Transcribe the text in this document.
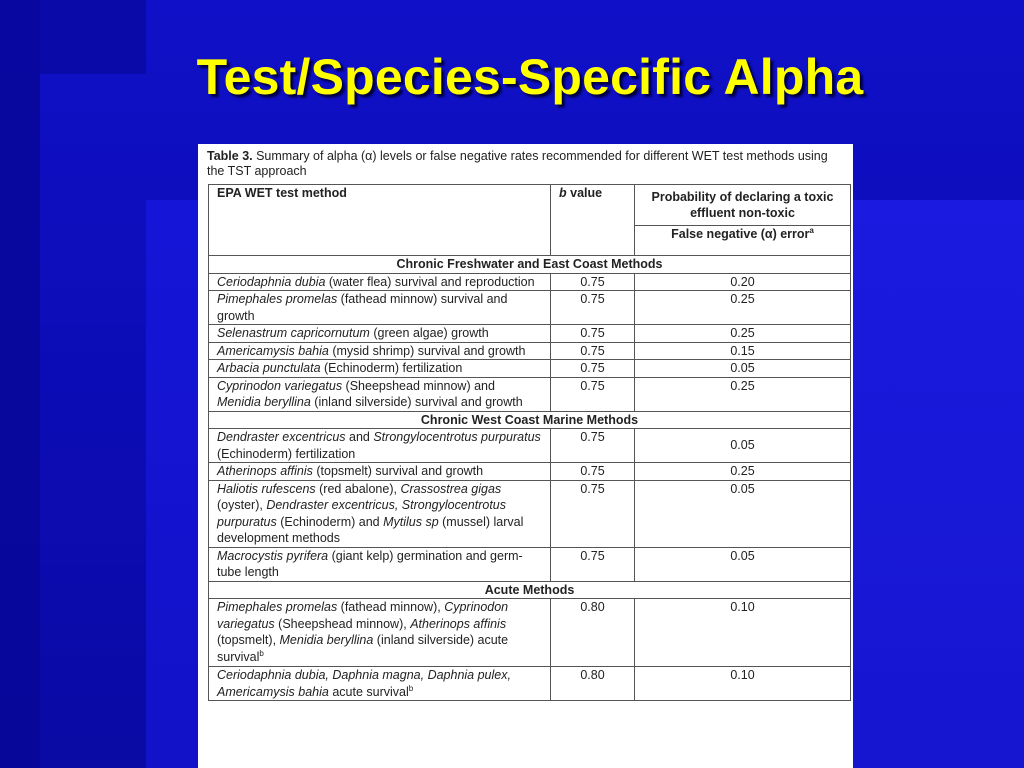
Test/Species-Specific Alpha
Table 3. Summary of alpha (α) levels or false negative rates recommended for different WET test methods using the TST approach
EPA WET test method	b value	Probability of declaring a toxic effluent non-toxic
		False negative (α) error$^a$
Chronic Freshwater and East Coast Methods		
Ceriodaphnia dubia (water flea) survival and reproduction	0.75	0.20
Pimephales promelas (fathead minnow) survival and growth	0.75	0.25
Selenastrum capricornutum (green algae) growth	0.75	0.25
Americamysis bahia (mysid shrimp) survival and growth	0.75	0.15
Arbacia punctulata (Echinoderm) fertilization	0.75	0.05
Cyprinodon variegatus (Sheepshead minnow) and Menidia beryllina (inland silverside) survival and growth	0.75	0.25
Chronic West Coast Marine Methods		
Dendraster excentricus and Strongylocentrotus purpuratus (Echinoderm) fertilization	0.75	0.05
Atherinops affinis (topsmelt) survival and growth	0.75	0.25
Haliotis rufescens (red abalone), Crassostrea gigas (oyster), Dendraster excentricus, Strongylocentrotus purpuratus (Echinoderm) and Mytilus sp (mussel) larval development methods	0.75	0.05
Macrocystis pyrifera (giant kelp) germination and germ-tube length	0.75	0.05
Acute Methods		
Pimephales promelas (fathead minnow), Cyprinodon variegatus (Sheepshead minnow), Atherinops affinis (topsmelt), Menidia beryllina (inland silverside) acute survival$^b$	0.80	0.10
Ceriodaphnia dubia, Daphnia magna, Daphnia pulex, Americamysis bahia acute survival$^b$	0.80	0.10
